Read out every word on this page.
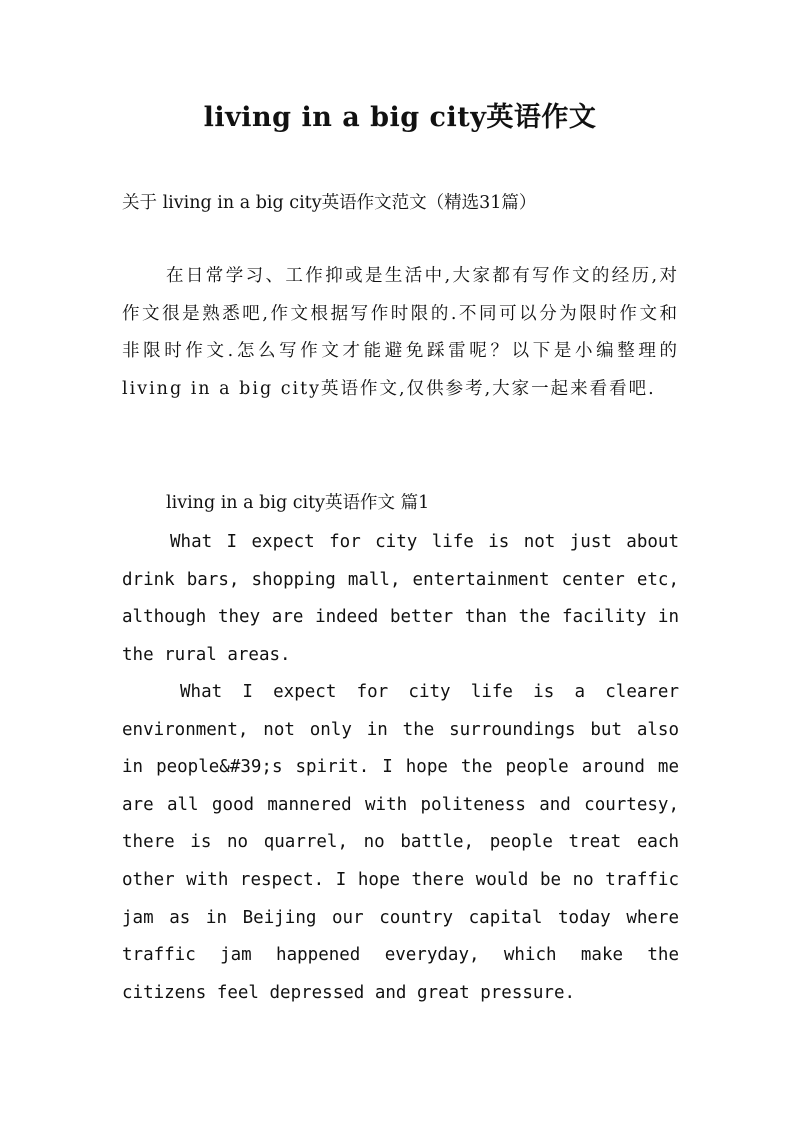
living in a big city英语作文

关于 living in a big city英语作文范文（精选31篇）

在日常学习、工作抑或是生活中,大家都有写作文的经历,对作文很是熟悉吧,作文根据写作时限的.不同可以分为限时作文和非限时作文.怎么写作文才能避免踩雷呢？以下是小编整理的living in a big city英语作文,仅供参考,大家一起来看看吧.

living in a big city英语作文 篇1

What I expect for city life is not just about drink bars, shopping mall, entertainment center etc, although they are indeed better than the facility in the rural areas.

What I expect for city life is a clearer environment, not only in the surroundings but also in people&#39;s spirit. I hope the people around me are all good mannered with politeness and courtesy, there is no quarrel, no battle, people treat each other with respect. I hope there would be no traffic jam as in Beijing our country capital today where traffic jam happened everyday, which make the citizens feel depressed and great pressure.
